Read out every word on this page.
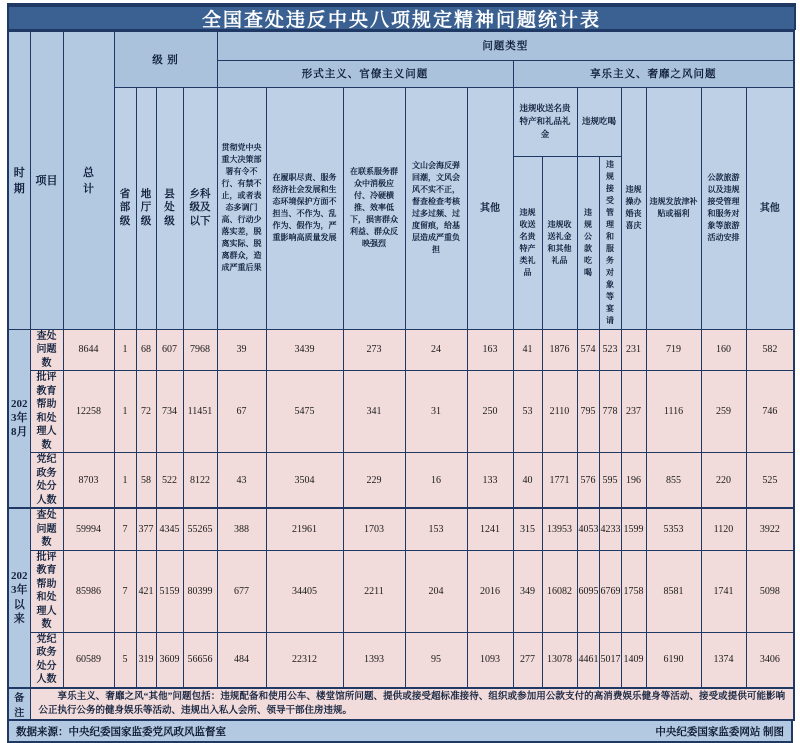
全国查处违反中央八项规定精神问题统计表
时期	项目	总计	级 别				问题类型												
							形式主义、官僚主义问题					享乐主义、奢靡之风问题							
			省部级	地厅级	县处级	乡科级及以下	贯彻党中央重大决策部署有令不行、有禁不止，或者表态多调门高、行动少落实差，脱离实际、脱离群众，造成严重后果	在履职尽责、服务经济社会发展和生态环境保护方面不担当、不作为、乱作为、假作为，严重影响高质量发展	在联系服务群众中消极应付、冷硬横推、效率低下，损害群众利益、群众反映强烈	文山会海反弹回潮，文风会风不实不正，督查检查考核过多过频、过度留痕，给基层造成严重负担	其他	违规收送名贵特产和礼品礼金		违规吃喝		违规操办婚丧喜庆	违规发放津补贴或福利	公款旅游以及违规接受管理和服务对象等旅游活动安排	其他
												违规收送名贵特产类礼品	违规收送礼金和其他礼品	违规公款吃喝	违规接受管理和服务对象等宴请				
2023年8月	查处问题数	8644	1	68	607	7968	39	3439	273	24	163	41	1876	574	523	231	719	160	582
	批评教育帮助和处理人数	12258	1	72	734	11451	67	5475	341	31	250	53	2110	795	778	237	1116	259	746
	党纪政务处分人数	8703	1	58	522	8122	43	3504	229	16	133	40	1771	576	595	196	855	220	525
2023年以来	查处问题数	59994	7	377	4345	55265	388	21961	1703	153	1241	315	13953	4053	4233	1599	5353	1120	3922
	批评教育帮助和处理人数	85986	7	421	5159	80399	677	34405	2211	204	2016	349	16082	6095	6769	1758	8581	1741	5098
	党纪政务处分人数	60589	5	319	3609	56656	484	22312	1393	95	1093	277	13078	4461	5017	1409	6190	1374	3406
备注	享乐主义、奢靡之风“其他”问题包括：违规配备和使用公车、楼堂馆所问题、提供或接受超标准接待、组织或参加用公款支付的高消费娱乐健身等活动、接受或提供可能影响公正执行公务的健身娱乐等活动、违规出入私人会所、领导干部住房违规。																		
数据来源：中央纪委国家监委党风政风监督室	中央纪委国家监委网站 制图
